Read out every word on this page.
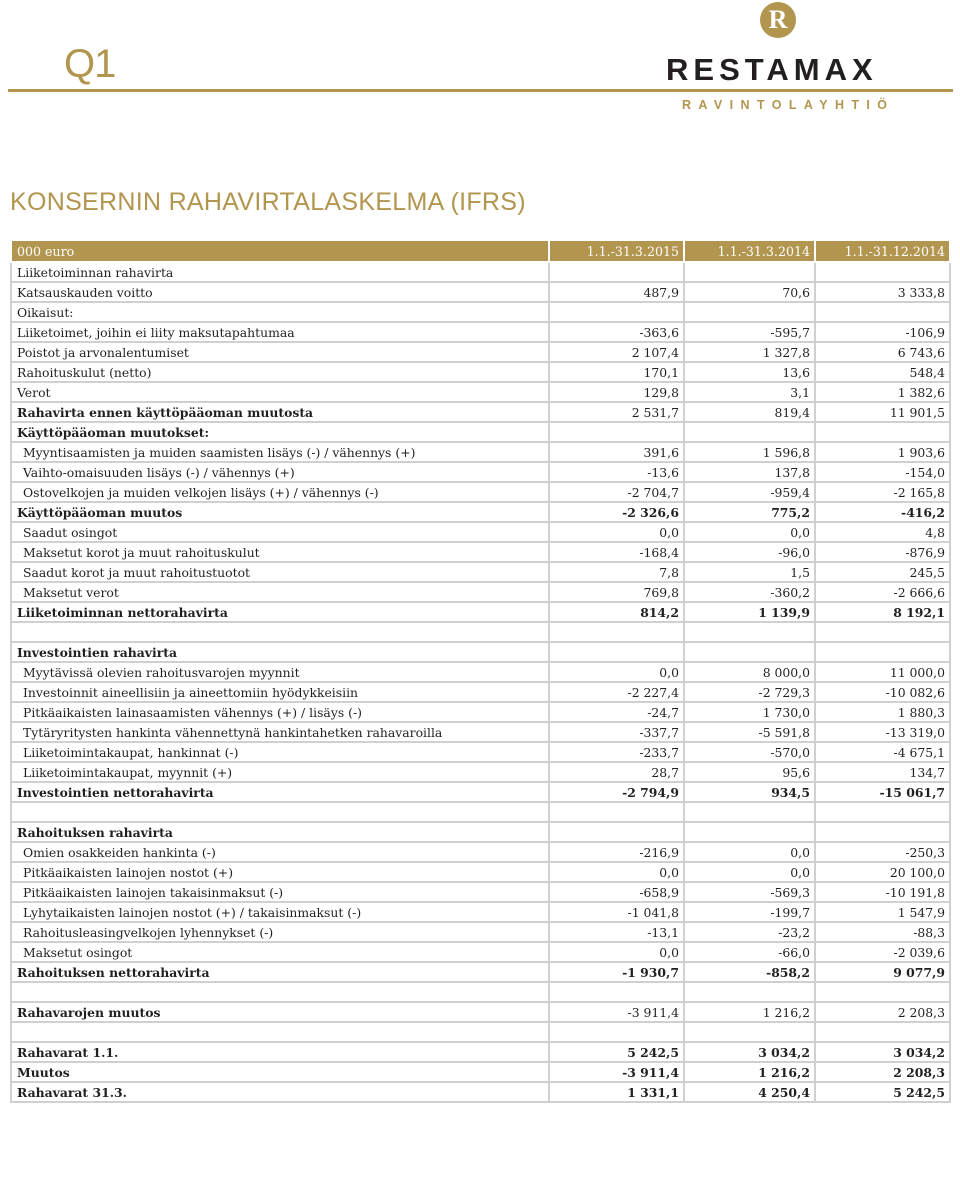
Q1
R
RESTAMAX
RAVINTOLAYHTIÖ
KONSERNIN RAHAVIRTALASKELMA (IFRS)
000 euro	1.1.-31.3.2015	1.1.-31.3.2014	1.1.-31.12.2014
Liiketoiminnan rahavirta			
Katsauskauden voitto	487,9	70,6	3 333,8
Oikaisut:			
Liiketoimet, joihin ei liity maksutapahtumaa	-363,6	-595,7	-106,9
Poistot ja arvonalentumiset	2 107,4	1 327,8	6 743,6
Rahoituskulut (netto)	170,1	13,6	548,4
Verot	129,8	3,1	1 382,6
Rahavirta ennen käyttöpääoman muutosta	2 531,7	819,4	11 901,5
Käyttöpääoman muutokset:			
Myyntisaamisten ja muiden saamisten lisäys (-) / vähennys (+)	391,6	1 596,8	1 903,6
Vaihto-omaisuuden lisäys (-) / vähennys (+)	-13,6	137,8	-154,0
Ostovelkojen ja muiden velkojen lisäys (+) / vähennys (-)	-2 704,7	-959,4	-2 165,8
Käyttöpääoman muutos	-2 326,6	775,2	-416,2
Saadut osingot	0,0	0,0	4,8
Maksetut korot ja muut rahoituskulut	-168,4	-96,0	-876,9
Saadut korot ja muut rahoitustuotot	7,8	1,5	245,5
Maksetut verot	769,8	-360,2	-2 666,6
Liiketoiminnan nettorahavirta	814,2	1 139,9	8 192,1

Investointien rahavirta			
Myytävissä olevien rahoitusvarojen myynnit	0,0	8 000,0	11 000,0
Investoinnit aineellisiin ja aineettomiin hyödykkeisiin	-2 227,4	-2 729,3	-10 082,6
Pitkäaikaisten lainasaamisten vähennys (+) / lisäys (-)	-24,7	1 730,0	1 880,3
Tytäryritysten hankinta vähennettynä hankintahetken rahavaroilla	-337,7	-5 591,8	-13 319,0
Liiketoimintakaupat, hankinnat (-)	-233,7	-570,0	-4 675,1
Liiketoimintakaupat, myynnit (+)	28,7	95,6	134,7
Investointien nettorahavirta	-2 794,9	934,5	-15 061,7

Rahoituksen rahavirta			
Omien osakkeiden hankinta (-)	-216,9	0,0	-250,3
Pitkäaikaisten lainojen nostot (+)	0,0	0,0	20 100,0
Pitkäaikaisten lainojen takaisinmaksut (-)	-658,9	-569,3	-10 191,8
Lyhytaikaisten lainojen nostot (+) / takaisinmaksut (-)	-1 041,8	-199,7	1 547,9
Rahoitusleasingvelkojen lyhennykset (-)	-13,1	-23,2	-88,3
Maksetut osingot	0,0	-66,0	-2 039,6
Rahoituksen nettorahavirta	-1 930,7	-858,2	9 077,9

Rahavarojen muutos	-3 911,4	1 216,2	2 208,3

Rahavarat 1.1.	5 242,5	3 034,2	3 034,2
Muutos	-3 911,4	1 216,2	2 208,3
Rahavarat 31.3.	1 331,1	4 250,4	5 242,5
